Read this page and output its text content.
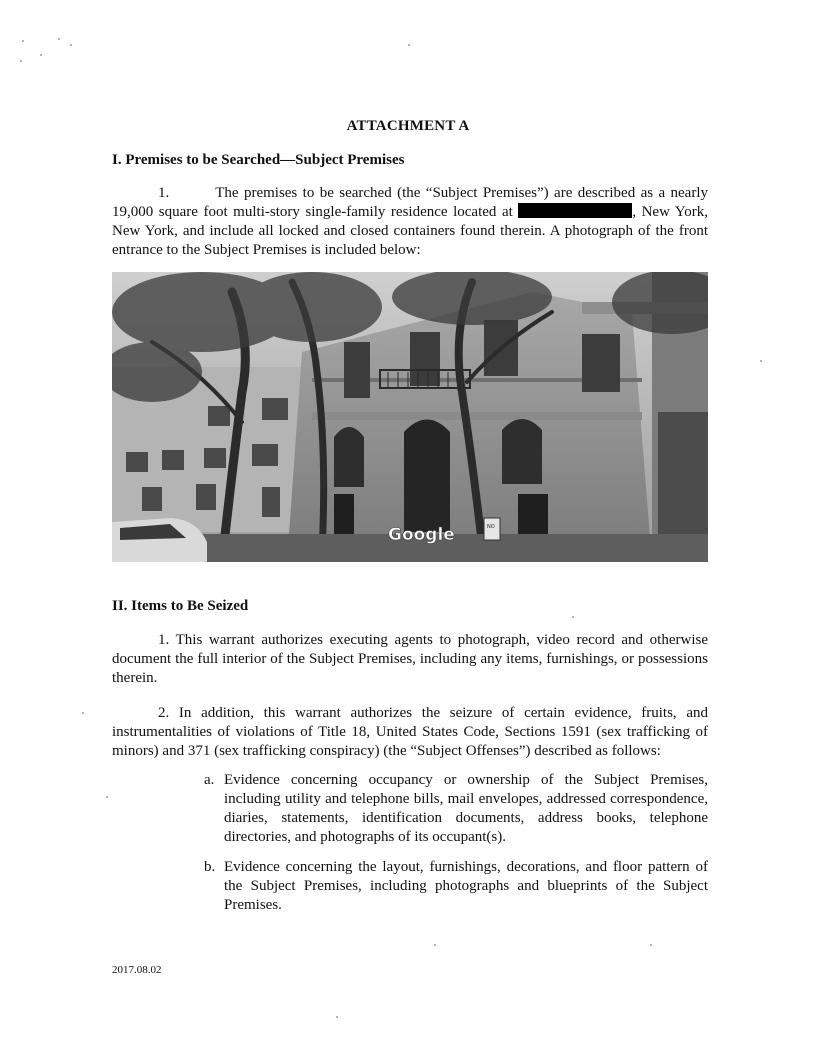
ATTACHMENT A
I. Premises to be Searched—Subject Premises
1.	The premises to be searched (the “Subject Premises”) are described as a nearly 19,000 square foot multi-story single-family residence located at	, New York, New York, and include all locked and closed containers found therein. A photograph of the front entrance to the Subject Premises is included below:
NO
Google
II. Items to Be Seized
1. This warrant authorizes executing agents to photograph, video record and otherwise document the full interior of the Subject Premises, including any items, furnishings, or possessions therein.
2. In addition, this warrant authorizes the seizure of certain evidence, fruits, and instrumentalities of violations of Title 18, United States Code, Sections 1591 (sex trafficking of minors) and 371 (sex trafficking conspiracy) (the “Subject Offenses”) described as follows:
a. Evidence concerning occupancy or ownership of the Subject Premises, including utility and telephone bills, mail envelopes, addressed correspondence, diaries, statements, identification documents, address books, telephone directories, and photographs of its occupant(s).
b. Evidence concerning the layout, furnishings, decorations, and floor pattern of the Subject Premises, including photographs and blueprints of the Subject Premises.
2017.08.02
